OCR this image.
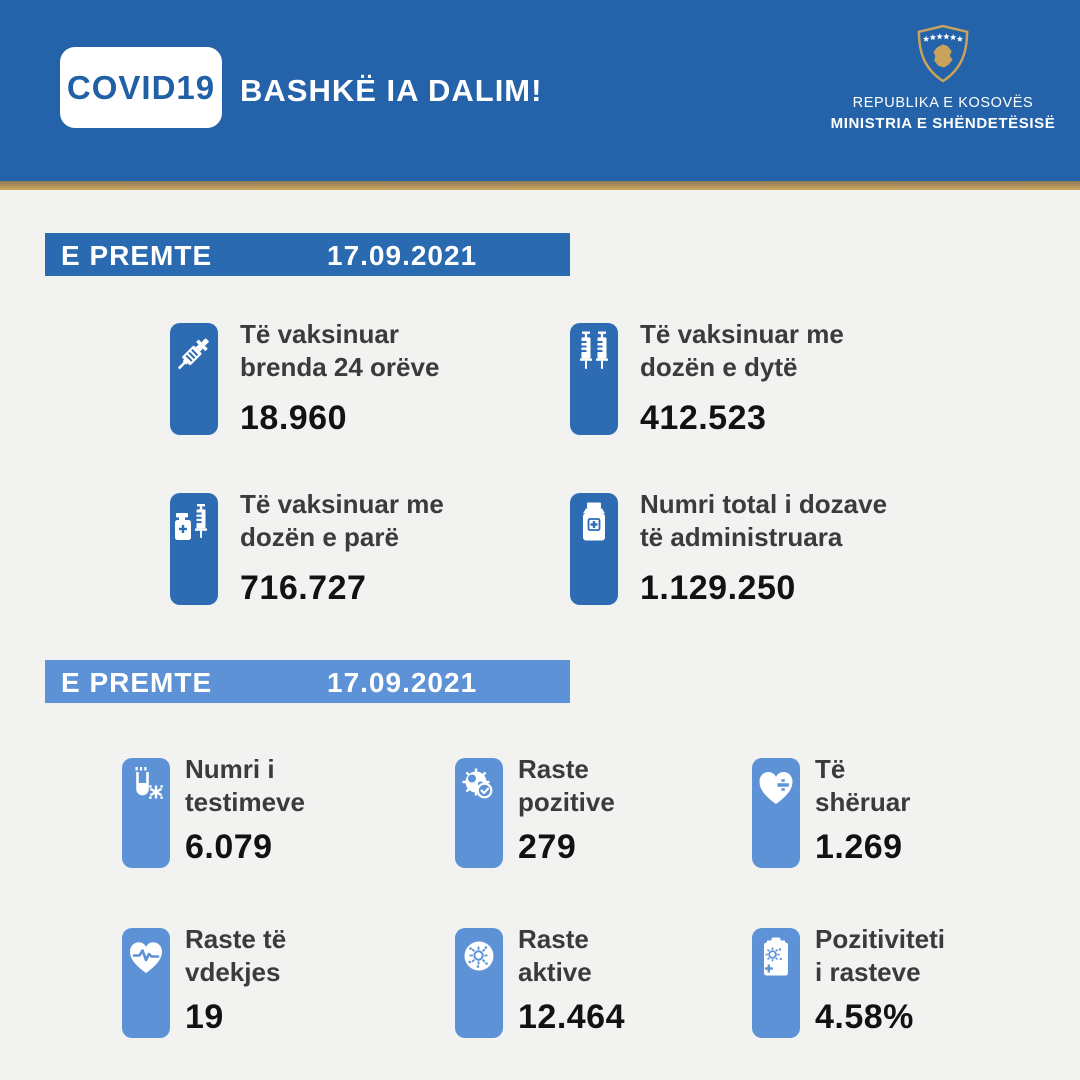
COVID19 BASHKË IA DALIM!	REPUBLIKA E KOSOVËS
MINISTRIA E SHËNDETËSISË
E PREMTE	17.09.2021
Të vaksinuar
brenda 24 orëve
18.960
Të vaksinuar me
dozën e dytë
412.523
Të vaksinuar me
dozën e parë
716.727
Numri total i dozave
të administruara
1.129.250
E PREMTE	17.09.2021
Numri i
testimeve
6.079
Raste
pozitive
279
Të
shëruar
1.269
Raste të
vdekjes
19
Raste
aktive
12.464
Pozitiviteti
i rasteve
4.58%
